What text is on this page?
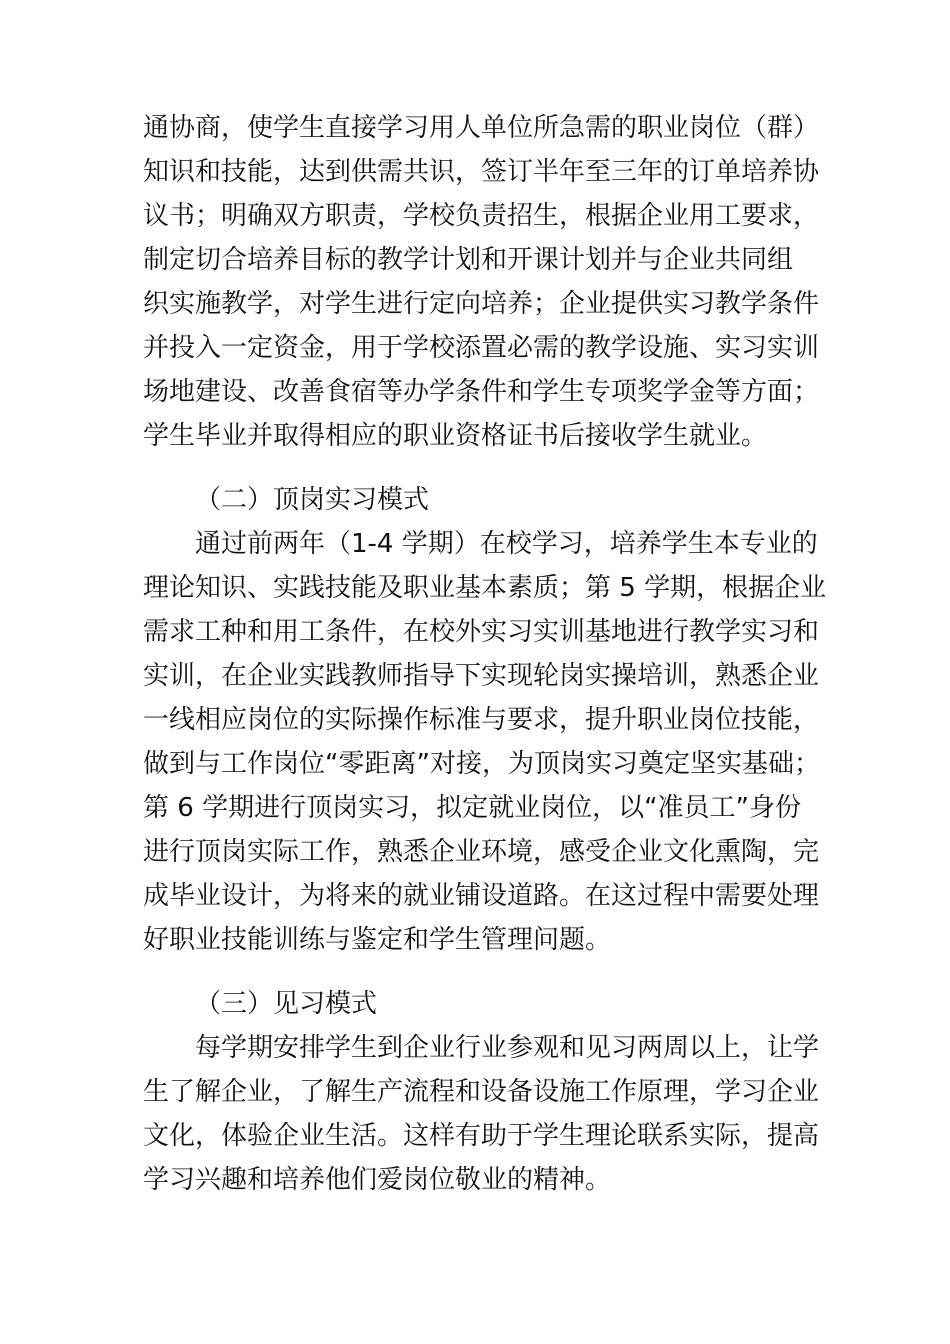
通协商，使学生直接学习用人单位所急需的职业岗位（群）
知识和技能，达到供需共识，签订半年至三年的订单培养协
议书；明确双方职责，学校负责招生，根据企业用工要求，
制定切合培养目标的教学计划和开课计划并与企业共同组
织实施教学，对学生进行定向培养；企业提供实习教学条件
并投入一定资金，用于学校添置必需的教学设施、实习实训
场地建设、改善食宿等办学条件和学生专项奖学金等方面；
学生毕业并取得相应的职业资格证书后接收学生就业。
（二）顶岗实习模式
通过前两年（1-4 学期）在校学习，培养学生本专业的
理论知识、实践技能及职业基本素质；第 5 学期，根据企业
需求工种和用工条件，在校外实习实训基地进行教学实习和
实训，在企业实践教师指导下实现轮岗实操培训，熟悉企业
一线相应岗位的实际操作标准与要求，提升职业岗位技能，
做到与工作岗位“零距离”对接，为顶岗实习奠定坚实基础；
第 6 学期进行顶岗实习，拟定就业岗位，以“准员工”身份
进行顶岗实际工作，熟悉企业环境，感受企业文化熏陶，完
成毕业设计，为将来的就业铺设道路。在这过程中需要处理
好职业技能训练与鉴定和学生管理问题。
（三）见习模式
每学期安排学生到企业行业参观和见习两周以上，让学
生了解企业，了解生产流程和设备设施工作原理，学习企业
文化，体验企业生活。这样有助于学生理论联系实际，提高
学习兴趣和培养他们爱岗位敬业的精神。
